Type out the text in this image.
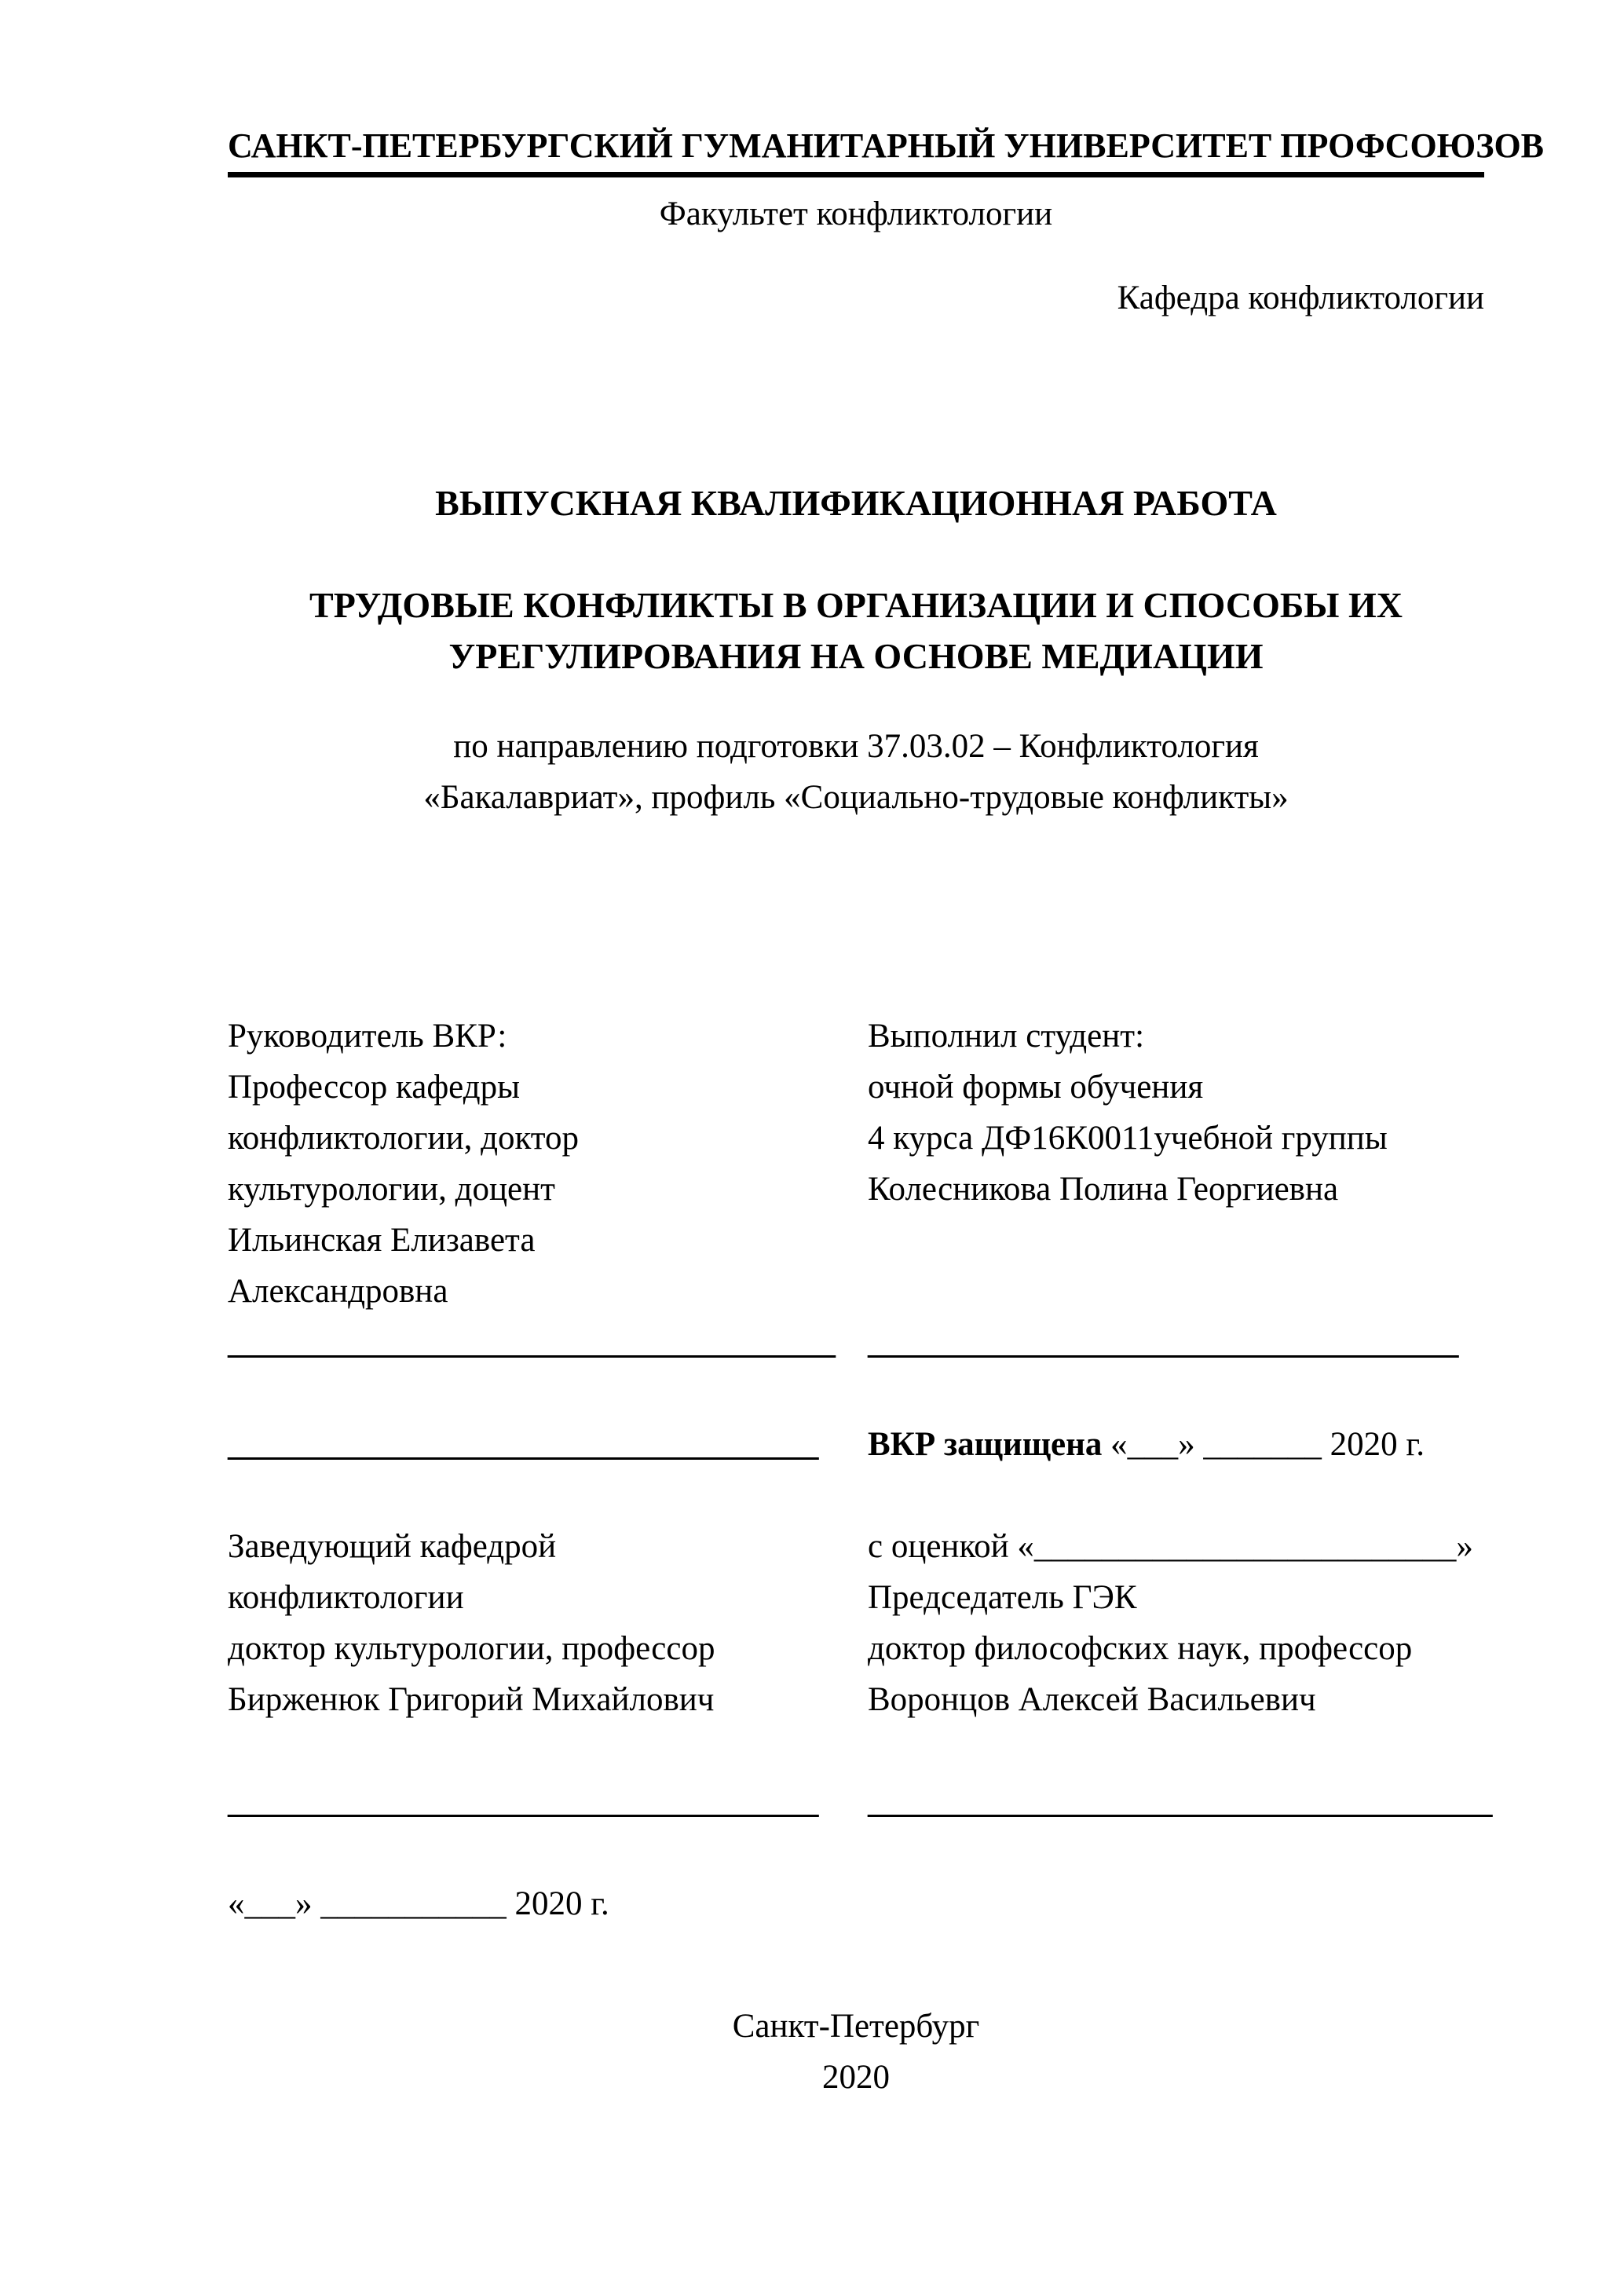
САНКТ-ПЕТЕРБУРГСКИЙ ГУМАНИТАРНЫЙ УНИВЕРСИТЕТ ПРОФСОЮЗОВ
Факультет конфликтологии
Кафедра конфликтологии
ВЫПУСКНАЯ КВАЛИФИКАЦИОННАЯ РАБОТА
ТРУДОВЫЕ КОНФЛИКТЫ В ОРГАНИЗАЦИИ И СПОСОБЫ ИХ
УРЕГУЛИРОВАНИЯ НА ОСНОВЕ МЕДИАЦИИ
по направлению подготовки 37.03.02 – Конфликтология
«Бакалавриат», профиль «Социально-трудовые конфликты»
Руководитель ВКР:
Профессор кафедры
конфликтологии, доктор
культурологии, доцент
Ильинская Елизавета
Александровна
____________________________________
___________________________________
Заведующий кафедрой
конфликтологии
доктор культурологии, профессор
Бирженюк Григорий Михайлович
___________________________________
«___» ___________ 2020 г.
Выполнил студент:
очной формы обучения
4 курса ДФ16К0011учебной группы
Колесникова Полина Георгиевна
___________________________________
ВКР защищена «___» _______ 2020 г.
с оценкой «_________________________»
Председатель ГЭК
доктор философских наук, профессор
Воронцов Алексей Васильевич
_____________________________________
Санкт-Петербург
2020
